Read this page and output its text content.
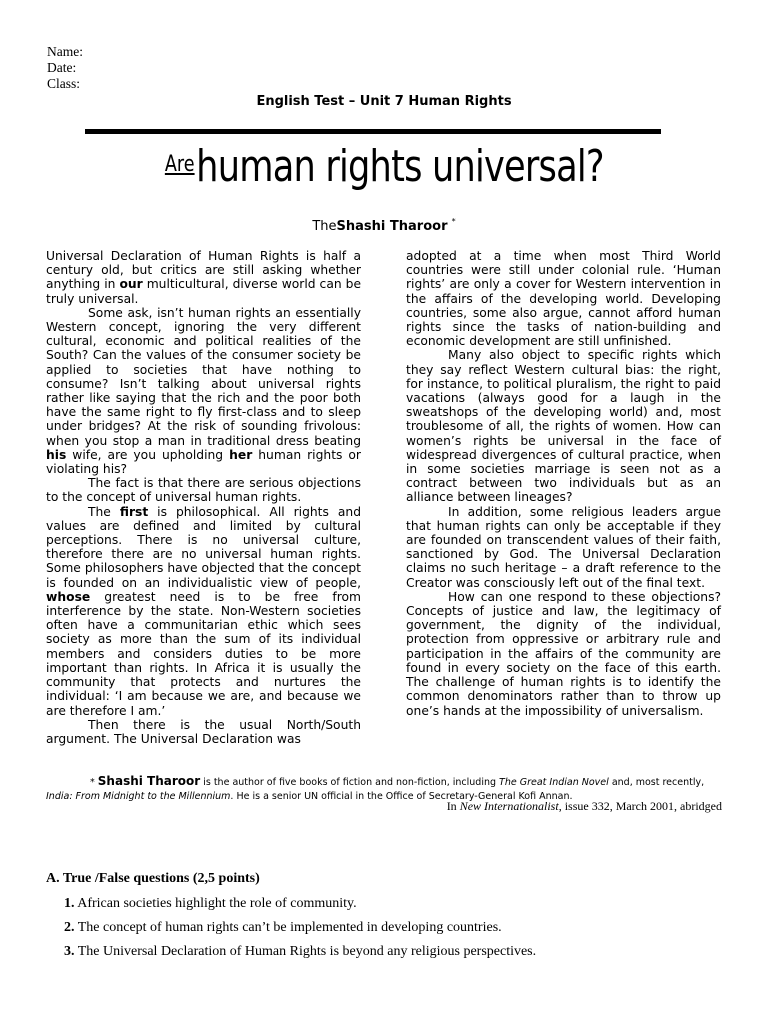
Name:
Date:
Class:
English Test – Unit 7 Human Rights
Arehuman rights universal?
TheShashi Tharoor *

Universal Declaration of Human Rights is half a century old, but critics are still asking whether anything in our multicultural, diverse world can be truly universal.

Some ask, isn’t human rights an essentially Western concept, ignoring the very different cultural, economic and political realities of the South? Can the values of the consumer society be applied to societies that have nothing to consume? Isn’t talking about universal rights rather like saying that the rich and the poor both have the same right to fly first-class and to sleep under bridges? At the risk of sounding frivolous: when you stop a man in traditional dress beating his wife, are you upholding her human rights or violating his?

The fact is that there are serious objections to the concept of universal human rights.

The first is philosophical. All rights and values are defined and limited by cultural perceptions. There is no universal culture, therefore there are no universal human rights. Some philosophers have objected that the concept is founded on an individualistic view of people, whose greatest need is to be free from interference by the state. Non-Western societies often have a communitarian ethic which sees society as more than the sum of its individual members and considers duties to be more important than rights. In Africa it is usually the community that protects and nurtures the individual: ‘I am because we are, and because we are therefore I am.’

Then there is the usual North/South argument. The Universal Declaration was

adopted at a time when most Third World countries were still under colonial rule. ‘Human rights’ are only a cover for Western intervention in the affairs of the developing world. Developing countries, some also argue, cannot afford human rights since the tasks of nation-building and economic development are still unfinished.

Many also object to specific rights which they say reflect Western cultural bias: the right, for instance, to political pluralism, the right to paid vacations (always good for a laugh in the sweatshops of the developing world) and, most troublesome of all, the rights of women. How can women’s rights be universal in the face of widespread divergences of cultural practice, when in some societies marriage is seen not as a contract between two individuals but as an alliance between lineages?

In addition, some religious leaders argue that human rights can only be acceptable if they are founded on transcendent values of their faith, sanctioned by God. The Universal Declaration claims no such heritage – a draft reference to the Creator was consciously left out of the final text.

How can one respond to these objections? Concepts of justice and law, the legitimacy of government, the dignity of the individual, protection from oppressive or arbitrary rule and participation in the affairs of the community are found in every society on the face of this earth. The challenge of human rights is to identify the common denominators rather than to throw up one’s hands at the impossibility of universalism.

* Shashi Tharoor is the author of five books of fiction and non-fiction, including The Great Indian Novel and, most recently, India: From Midnight to the Millennium. He is a senior UN official in the Office of Secretary-General Kofi Annan.
In New Internationalist, issue 332, March 2001, abridged
A. True /False questions (2,5 points)
1. African societies highlight the role of community.
2. The concept of human rights can’t be implemented in developing countries.
3. The Universal Declaration of Human Rights is beyond any religious perspectives.
